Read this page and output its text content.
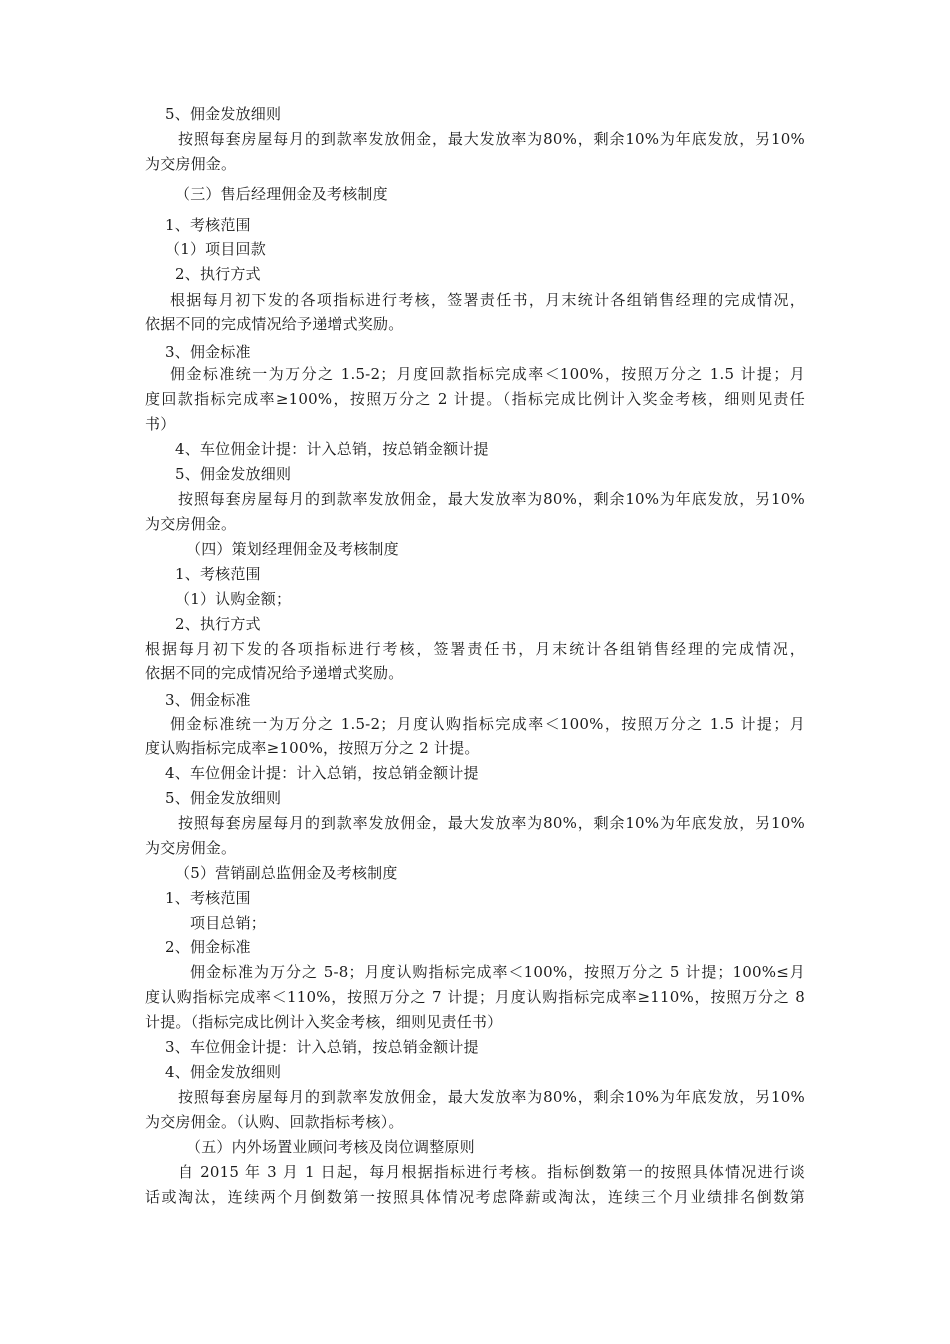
5、佣金发放细则
按照每套房屋每月的到款率发放佣金，最大发放率为80%，剩余10%为年底发放，另10%
为交房佣金。
（三）售后经理佣金及考核制度
1、考核范围
（1）项目回款
2、执行方式
根据每月初下发的各项指标进行考核，签署责任书，月末统计各组销售经理的完成情况，
依据不同的完成情况给予递增式奖励。
3、佣金标准
佣金标准统一为万分之 1.5-2；月度回款指标完成率＜100%，按照万分之 1.5 计提；月
度回款指标完成率≥100%，按照万分之 2 计提。（指标完成比例计入奖金考核，细则见责任
书）
4、车位佣金计提：计入总销，按总销金额计提
5、佣金发放细则
按照每套房屋每月的到款率发放佣金，最大发放率为80%，剩余10%为年底发放，另10%
为交房佣金。
（四）策划经理佣金及考核制度
1、考核范围
（1）认购金额；
2、执行方式
根据每月初下发的各项指标进行考核，签署责任书，月末统计各组销售经理的完成情况，
依据不同的完成情况给予递增式奖励。
3、佣金标准
佣金标准统一为万分之 1.5-2；月度认购指标完成率＜100%，按照万分之 1.5 计提；月
度认购指标完成率≥100%，按照万分之 2 计提。
4、车位佣金计提：计入总销，按总销金额计提
5、佣金发放细则
按照每套房屋每月的到款率发放佣金，最大发放率为80%，剩余10%为年底发放，另10%
为交房佣金。
（5）营销副总监佣金及考核制度
1、考核范围
项目总销；
2、佣金标准
佣金标准为万分之 5-8；月度认购指标完成率＜100%，按照万分之 5 计提；100%≤月
度认购指标完成率＜110%，按照万分之 7 计提；月度认购指标完成率≥110%，按照万分之 8
计提。（指标完成比例计入奖金考核，细则见责任书）
3、车位佣金计提：计入总销，按总销金额计提
4、佣金发放细则
按照每套房屋每月的到款率发放佣金，最大发放率为80%，剩余10%为年底发放，另10%
为交房佣金。（认购、回款指标考核）。
（五）内外场置业顾问考核及岗位调整原则
自 2015 年 3 月 1 日起，每月根据指标进行考核。指标倒数第一的按照具体情况进行谈
话或淘汰，连续两个月倒数第一按照具体情况考虑降薪或淘汰，连续三个月业绩排名倒数第
